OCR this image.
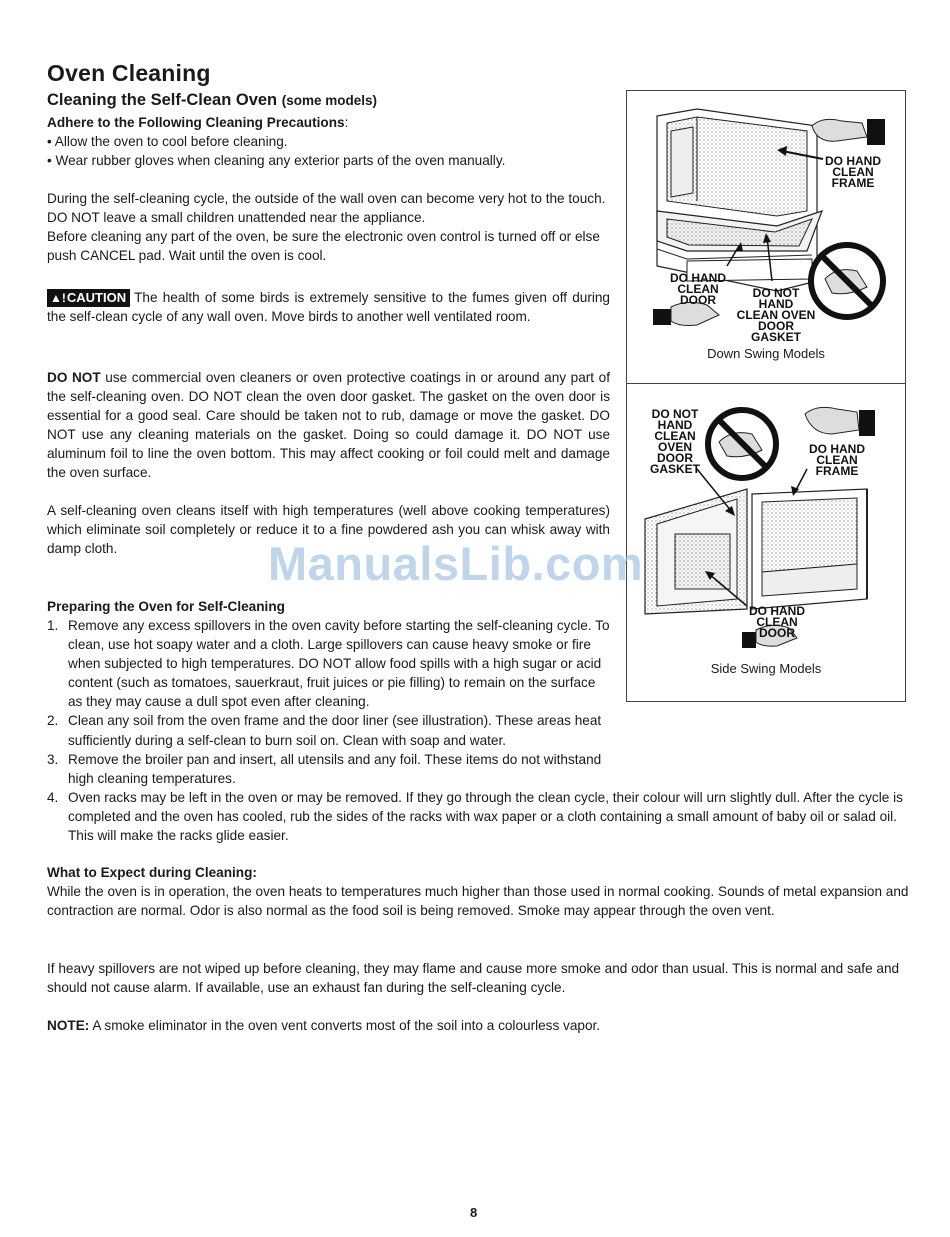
Oven Cleaning
Cleaning the Self-Clean Oven (some models)
Adhere to the Following Cleaning Precautions:
• Allow the oven to cool before cleaning.
• Wear rubber gloves when cleaning any exterior parts of the oven manually.

During the self-cleaning cycle, the outside of the wall oven can become very hot to the touch. DO NOT leave a small children unattended near the appliance.

Before cleaning any part of the oven, be sure the electronic oven control is turned off or else push CANCEL pad. Wait until the oven is cool.

▲!CAUTION The health of some birds is extremely sensitive to the fumes given off during the self-clean cycle of any wall oven. Move birds to another well ventilated room.
DO NOT use commercial oven cleaners or oven protective coatings in or around any part of the self-cleaning oven. DO NOT clean the oven door gasket. The gasket on the oven door is essential for a good seal. Care should be taken not to rub, damage or move the gasket. DO NOT use any cleaning materials on the gasket. Doing so could damage it. DO NOT use aluminum foil to line the oven bottom. This may affect cooking or foil could melt and damage the oven surface.
A self-cleaning oven cleans itself with high temperatures (well above cooking temperatures) which eliminate soil completely or reduce it to a fine powdered ash you can whisk away with damp cloth.
Preparing the Oven for Self-Cleaning
1. Remove any excess spillovers in the oven cavity before starting the self-cleaning cycle. To clean, use hot soapy water and a cloth. Large spillovers can cause heavy smoke or fire when subjected to high temperatures. DO NOT allow food spills with a high sugar or acid content (such as tomatoes, sauerkraut, fruit juices or pie filling) to remain on the surface as they may cause a dull spot even after cleaning.
2. Clean any soil from the oven frame and the door liner (see illustration). These areas heat sufficiently during a self-clean to burn soil on. Clean with soap and water.
3. Remove the broiler pan and insert, all utensils and any foil. These items do not withstand high cleaning temperatures.
4. Oven racks may be left in the oven or may be removed. If they go through the clean cycle, their colour will urn slightly dull. After the cycle is completed and the oven has cooled, rub the sides of the racks with wax paper or a cloth containing a small amount of baby oil or salad oil. This will make the racks glide easier.
What to Expect during Cleaning:
While the oven is in operation, the oven heats to temperatures much higher than those used in normal cooking. Sounds of metal expansion and contraction are normal. Odor is also normal as the food soil is being removed. Smoke may appear through the oven vent.
If heavy spillovers are not wiped up before cleaning, they may flame and cause more smoke and odor than usual. This is normal and safe and should not cause alarm. If available, use an exhaust fan during the self-cleaning cycle.
NOTE: A smoke eliminator in the oven vent converts most of the soil into a colourless vapor.
DO HAND
CLEAN FRAME
DO HAND
CLEAN DOOR	DO NOT
HAND
CLEAN OVEN
DOOR GASKET
Down Swing Models
DO NOT
HAND
CLEAN OVEN
DOOR
GASKET
DO HAND
CLEAN FRAME
DO HAND
CLEAN DOOR
Side Swing Models
ManualsLib.com
8
